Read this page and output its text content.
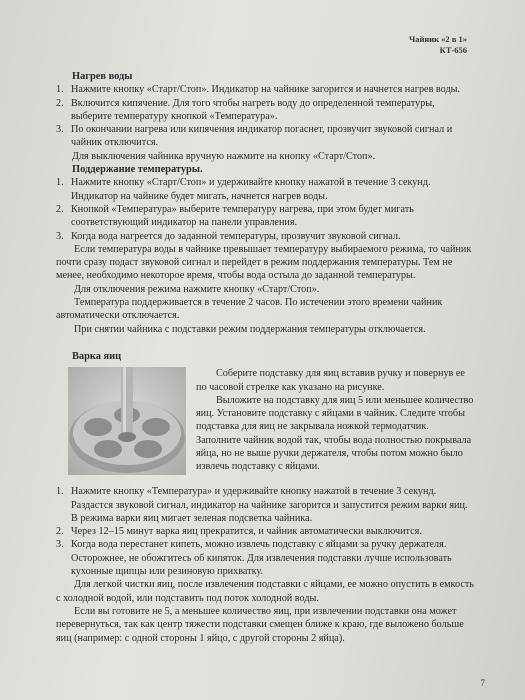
Чайник «2 в 1»
КТ-656
Нагрев воды
1. Нажмите кнопку «Старт/Стоп». Индикатор на чайнике загорится и начнется нагрев воды.
2. Включится кипячение. Для того чтобы нагреть воду до определенной температуры, выберите температуру кнопкой «Температура».
3. По окончании нагрева или кипячения индикатор погаснет, прозвучит звуковой сигнал и чайник отключится.

Для выключения чайника вручную нажмите на кнопку «Старт/Стоп».

Поддержание температуры.
1. Нажмите кнопку «Старт/Стоп» и удерживайте кнопку нажатой в течение 3 секунд. Индикатор на чайнике будет мигать, начнется нагрев воды.
2. Кнопкой «Температура» выберите температуру нагрева, при этом будет мигать соответствующий индикатор на панели управления.
3. Когда вода нагреется до заданной температуры, прозвучит звуковой сигнал.

Если температура воды в чайнике превышает температуру выбираемого режима, то чайник почти сразу подаст звуковой сигнал и перейдет в режим поддержания температуры. Тем не менее, необходимо некоторое время, чтобы вода остыла до заданной температуры.

Для отключения режима нажмите кнопку «Старт/Стоп».

Температура поддерживается в течение 2 часов. По истечении этого времени чайник автоматически отключается.

При снятии чайника с подставки режим поддержания температуры отключается.

Варка яиц

Соберите подставку для яиц вставив ручку и повернув ее по часовой стрелке как указано на рисунке.

Выложите на подставку для яиц 5 или меньшее количество яиц. Установите подставку с яйцами в чайник. Следите чтобы подставка для яиц не закрывала ножкой термодатчик. Заполните чайник водой так, чтобы вода полностью покрывала яйца, но не выше ручки держателя, чтобы потом можно было извлечь подставку с яйцами.

1. Нажмите кнопку «Температура» и удерживайте кнопку нажатой в течение 3 секунд. Раздастся звуковой сигнал, индикатор на чайнике загорится и запустится режим варки яиц. В режима варки яиц мигает зеленая подсветка чайника.
2. Через 12–15 минут варка яиц прекратится, и чайник автоматически выключится.
3. Когда вода перестанет кипеть, можно извлечь подставку с яйцами за ручку держателя. Осторожнее, не обожгитесь об кипяток. Для извлечения подставки лучше использовать кухонные щипцы или резиновую прихватку.

Для легкой чистки яиц, после извлечения подставки с яйцами, ее можно опустить в емкость с холодной водой, или подставить под поток холодной воды.

Если вы готовите не 5, а меньшее количество яиц, при извлечении подставки она может перевернуться, так как центр тяжести подставки смещен ближе к краю, где выложено больше яиц (например: с одной стороны 1 яйцо, с другой стороны 2 яйца).

7
